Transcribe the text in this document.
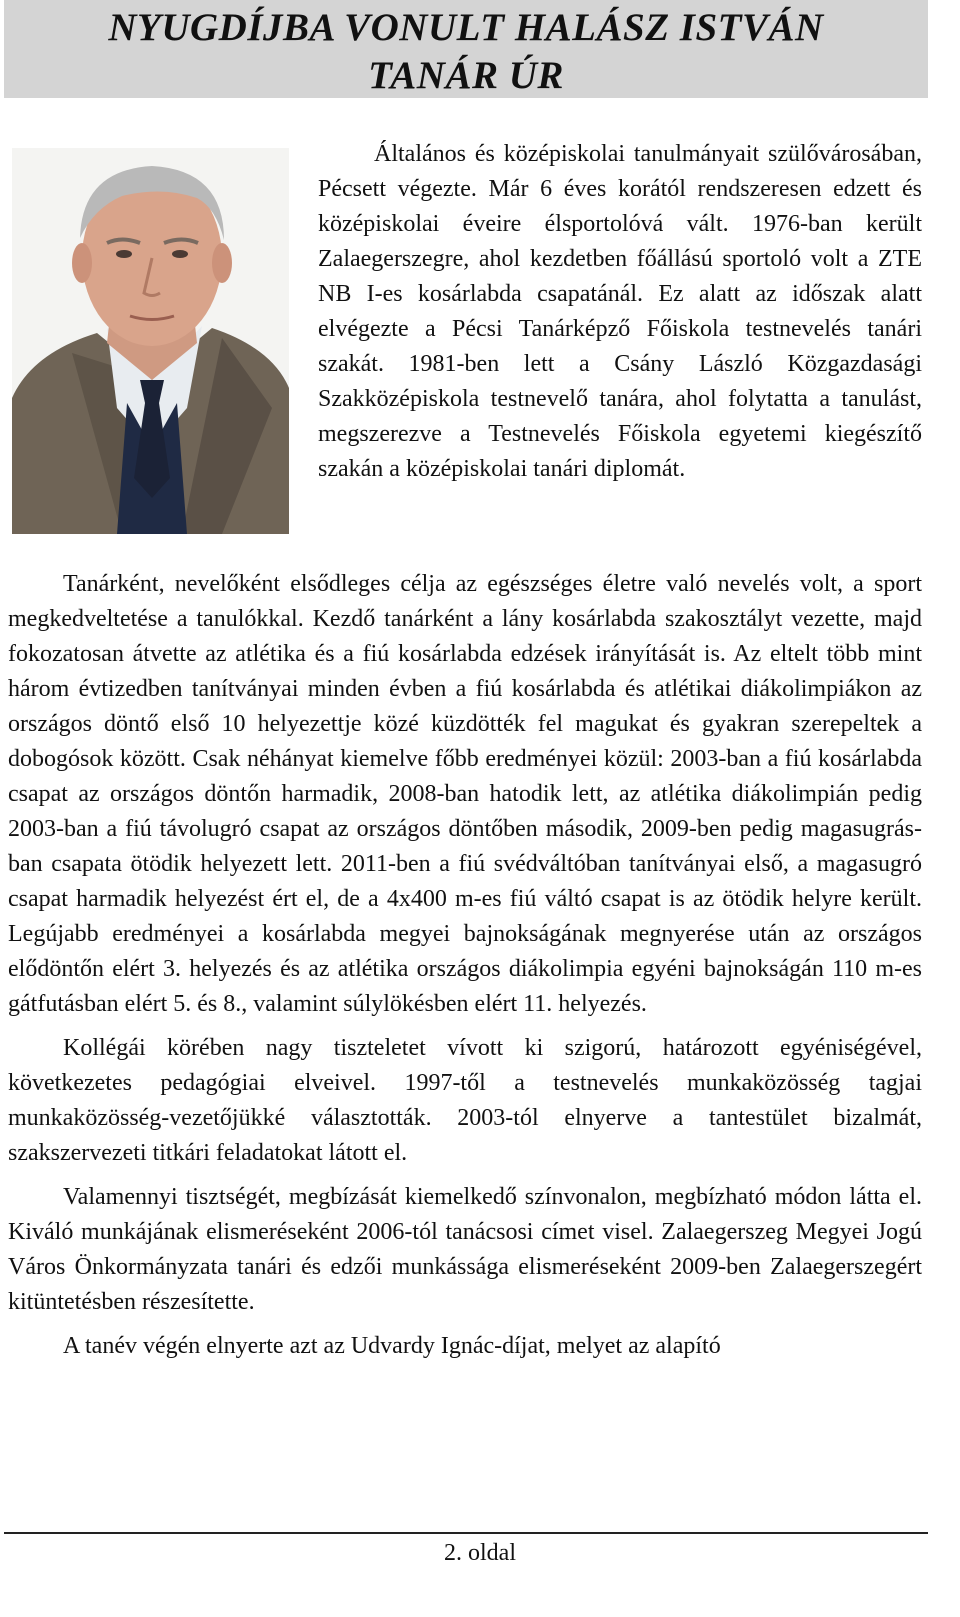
NYUGDÍJBA VONULT HALÁSZ ISTVÁN
TANÁR ÚR

Általános és középiskolai tanulmányait szülővárosában, Pécsett végezte. Már 6 éves korától rendszeresen edzett és középiskolai éveire élsportolóvá vált. 1976-ban került Zalaegerszegre, ahol kezdetben főállású sportoló volt a ZTE NB I-es kosárlabda csapatánál. Ez alatt az időszak alatt elvégezte a Pécsi Tanárképző Főiskola testnevelés tanári szakát. 1981-ben lett a Csány László Közgazdasági Szakközépiskola testnevelő tanára, ahol folytatta a tanulást, megszerezve a Testnevelés Főiskola egyetemi kiegészítő szakán a középiskolai tanári diplomát.

Tanárként, nevelőként elsődleges célja az egészséges életre való nevelés volt, a sport megkedveltetése a tanulókkal. Kezdő tanárként a lány kosárlabda szakosztályt vezette, majd fokozatosan átvette az atlétika és a fiú kosárlabda edzések irányítását is. Az eltelt több mint három évtizedben tanítványai minden évben a fiú kosárlabda és atlétikai diákolimpiákon az országos döntő első 10 helyezettje közé küzdötték fel magukat és gyakran szerepeltek a dobogósok között. Csak néhányat kiemelve főbb eredményei közül: 2003-ban a fiú kosárlabda csapat az országos döntőn harmadik, 2008-ban hatodik lett, az atlétika diákolimpián pedig 2003-ban a fiú távolugró csapat az országos döntőben második, 2009-ben pedig magasugrásban csapata ötödik helyezett lett. 2011-ben a fiú svédváltóban tanítványai első, a magasugró csapat harmadik helyezést ért el, de a 4x400 m-es fiú váltó csapat is az ötödik helyre került. Legújabb eredményei a kosárlabda megyei bajnokságának megnyerése után az országos elődöntőn elért 3. helyezés és az atlétika országos diákolimpia egyéni bajnokságán 110 m-es gátfutásban elért 5. és 8., valamint súlylökésben elért 11. helyezés.

Kollégái körében nagy tiszteletet vívott ki szigorú, határozott egyéniségével, következetes pedagógiai elveivel. 1997-től a testnevelés munkaközösség tagjai munkaközösség-vezetőjükké választották. 2003-tól elnyerve a tantestület bizalmát, szakszervezeti titkári feladatokat látott el.

Valamennyi tisztségét, megbízását kiemelkedő színvonalon, megbízható módon látta el. Kiváló munkájának elismeréseként 2006-tól tanácsosi címet visel. Zalaegerszeg Megyei Jogú Város Önkormányzata tanári és edzői munkássága elismeréseként 2009-ben Zalaegerszegért kitüntetésben részesítette.

A tanév végén elnyerte azt az Udvardy Ignác-díjat, melyet az alapító

2. oldal
